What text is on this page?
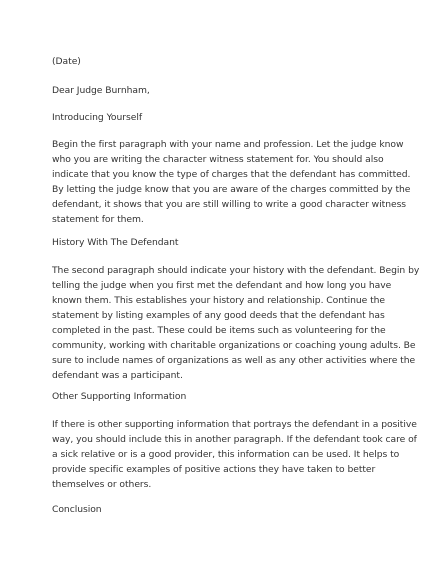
(Date)

Dear Judge Burnham,

Introducing Yourself

Begin the first paragraph with your name and profession. Let the judge know
who you are writing the character witness statement for. You should also
indicate that you know the type of charges that the defendant has committed.
By letting the judge know that you are aware of the charges committed by the
defendant, it shows that you are still willing to write a good character witness
statement for them.

History With The Defendant

The second paragraph should indicate your history with the defendant. Begin by
telling the judge when you first met the defendant and how long you have
known them. This establishes your history and relationship. Continue the
statement by listing examples of any good deeds that the defendant has
completed in the past. These could be items such as volunteering for the
community, working with charitable organizations or coaching young adults. Be
sure to include names of organizations as well as any other activities where the
defendant was a participant.

Other Supporting Information

If there is other supporting information that portrays the defendant in a positive
way, you should include this in another paragraph. If the defendant took care of
a sick relative or is a good provider, this information can be used. It helps to
provide specific examples of positive actions they have taken to better
themselves or others.

Conclusion
